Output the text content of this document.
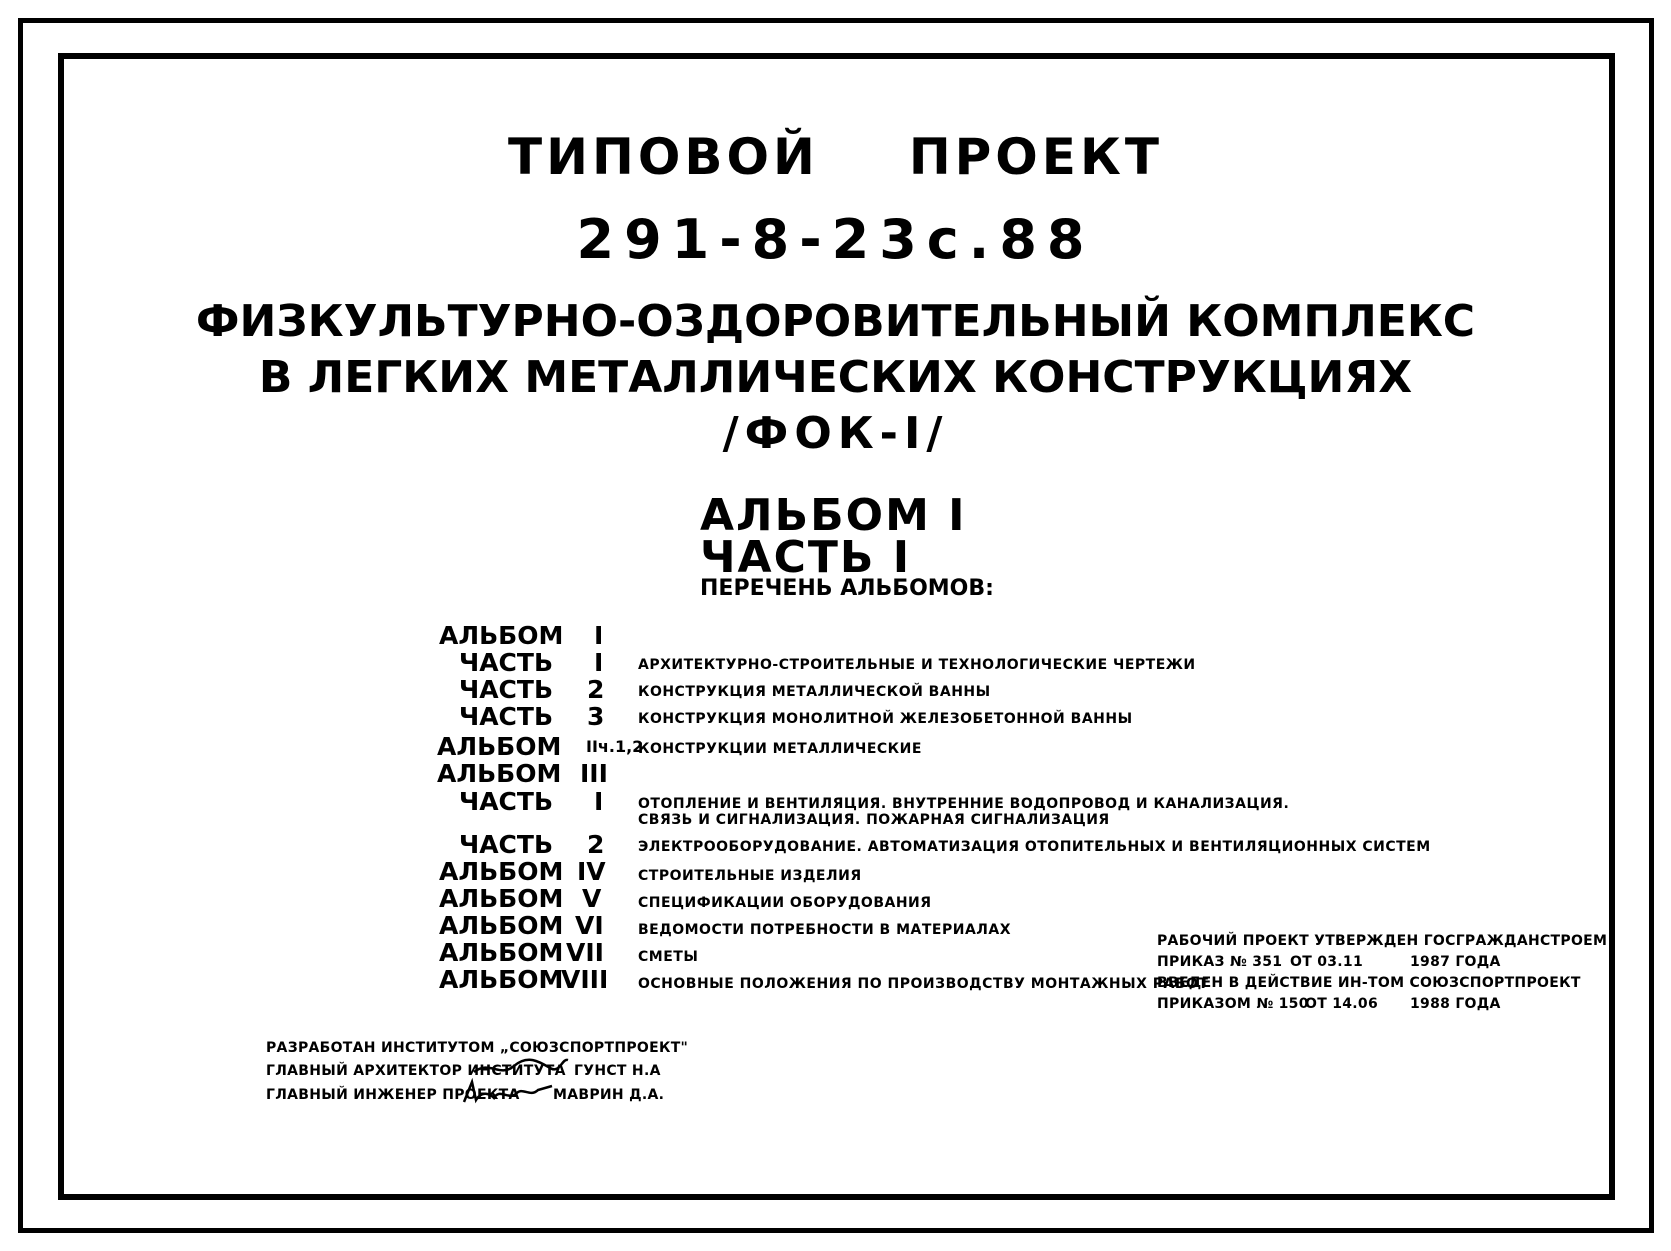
ТИПОВОЙ ПРОЕКТ
291-8-23с.88
ФИЗКУЛЬТУРНО-ОЗДОРОВИТЕЛЬНЫЙ КОМПЛЕКС
В ЛЕГКИХ МЕТАЛЛИЧЕСКИХ КОНСТРУКЦИЯХ
/ФОК-I/
АЛЬБОМ I
ЧАСТЬ I
ПЕРЕЧЕНЬ АЛЬБОМОВ:
АЛЬБОМ I
ЧАСТЬ I АРХИТЕКТУРНО-СТРОИТЕЛЬНЫЕ И ТЕХНОЛОГИЧЕСКИЕ ЧЕРТЕЖИ
ЧАСТЬ 2 КОНСТРУКЦИЯ МЕТАЛЛИЧЕСКОЙ ВАННЫ
ЧАСТЬ 3 КОНСТРУКЦИЯ МОНОЛИТНОЙ ЖЕЛЕЗОБЕТОННОЙ ВАННЫ
АЛЬБОМ IIч.1,2
КОНСТРУКЦИИ МЕТАЛЛИЧЕСКИЕ
АЛЬБОМ III
ЧАСТЬ I ОТОПЛЕНИЕ И ВЕНТИЛЯЦИЯ. ВНУТРЕННИЕ ВОДОПРОВОД И КАНАЛИЗАЦИЯ.
СВЯЗЬ И СИГНАЛИЗАЦИЯ. ПОЖАРНАЯ СИГНАЛИЗАЦИЯ
ЧАСТЬ 2 ЭЛЕКТРООБОРУДОВАНИЕ. АВТОМАТИЗАЦИЯ ОТОПИТЕЛЬНЫХ И ВЕНТИЛЯЦИОННЫХ СИСТЕМ
АЛЬБОМ IV СТРОИТЕЛЬНЫЕ ИЗДЕЛИЯ
АЛЬБОМ V	СПЕЦИФИКАЦИИ ОБОРУДОВАНИЯ
АЛЬБОМ VI ВЕДОМОСТИ ПОТРЕБНОСТИ В МАТЕРИАЛАХ
АЛЬБОМ VII СМЕТЫ
АЛЬБОМ
VIII ОСНОВНЫЕ ПОЛОЖЕНИЯ ПО ПРОИЗВОДСТВУ МОНТАЖНЫХ РАБОТ
РАБОЧИЙ ПРОЕКТ УТВЕРЖДЕН ГОСГРАЖДАНСТРОЕМ
ПРИКАЗ № 351 ОТ 03.11	1987 ГОДА
ВВЕДЕН В ДЕЙСТВИЕ ИН-ТОМ СОЮЗСПОРТПРОЕКТ
ПРИКАЗОМ № 150
ОТ 14.06 1988 ГОДА
РАЗРАБОТАН ИНСТИТУТОМ „СОЮЗСПОРТПРОЕКТ"
ГЛАВНЫЙ АРХИТЕКТОР ИНСТИТУТА ГУНСТ Н.А
ГЛАВНЫЙ ИНЖЕНЕР ПРОЕКТА МАВРИН Д.А.
